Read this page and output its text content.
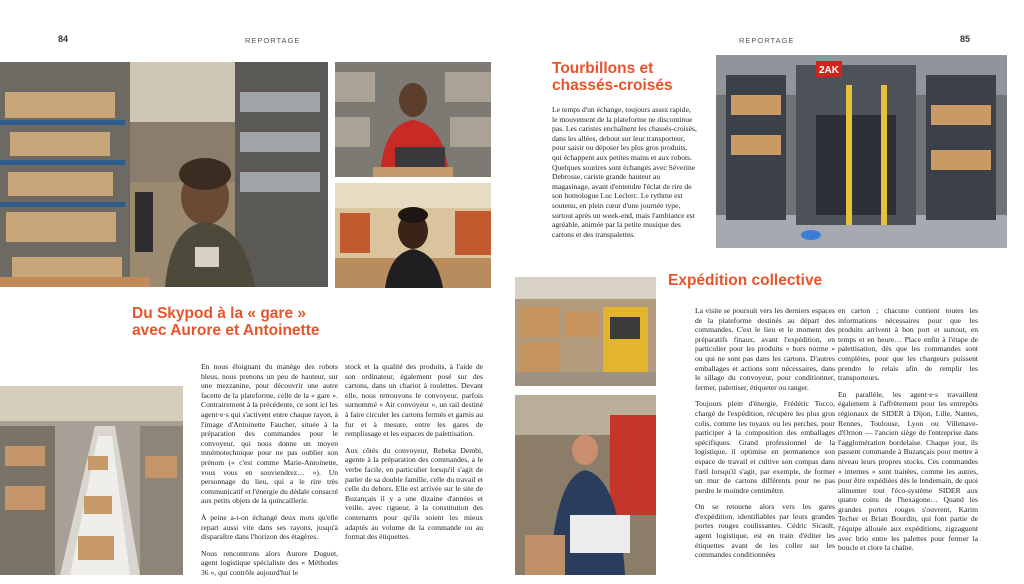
84	REPORTAGE
Du Skypod à la « gare » avec Aurore et Antoinette

En nous éloignant du manège des robots bleus, nous prenons un peu de hauteur, sur une mezzanine, pour découvrir une autre facette de la plateforme, celle de la « gare ». Contrairement à la précédente, ce sont ici les agent·e·s qui s'activent entre chaque rayon, à l'image d'Antoinette Faucher, située à la préparation des commandes pour le convoyeur, qui nous donne un moyen mnémotechnique pour ne pas oublier son prénom (« c'est comme Marie-Antoinette, vous vous en souviendrez… »). Un personnage du lieu, qui a le rire très communicatif et l'énergie du dédale consacré aux petits objets de la quincaillerie.

À peine a-t-on échangé deux mots qu'elle repart aussi vite dans ses rayons, jusqu'à disparaître dans l'horizon des étagères.

Nous rencontrons alors Aurore Duguet, agent logistique spécialiste des « Méthodes 36 », qui contrôle aujourd'hui le

stock et la qualité des produits, à l'aide de son ordinateur, également posé sur des cartons, dans un chariot à roulettes. Devant elle, nous retrouvons le convoyeur, parfois surnommé « Air convoyeur », un rail destiné à faire circuler les cartons fermés et garnis au fur et à mesure, entre les gares de remplissage et les espaces de palettisation.

Aux côtés du convoyeur, Rebeka Dembi, agente à la préparation des commandes, a le verbe facile, en particulier lorsqu'il s'agit de parler de sa double famille, celle du travail et celle du dehors. Elle est arrivée sur le site de Buzançais il y a une dizaine d'années et veille, avec rigueur, à la constitution des contenants pour qu'ils soient les mieux adaptés au volume de la commande ou au format des étiquettes.

REPORTAGE	85
Tourbillons et chassés-croisés
Le temps d'un échange, toujours assez rapide, le mouvement de la plateforme ne discontinue pas. Les caristes enchaînent les chassés-croisés, dans les allées, debout sur leur transporteur, pour saisir ou déposer les plus gros produits, qui échappent aux petites mains et aux robots. Quelques sourires sont échangés avec Séverine Debrosse, cariste grande hauteur au magasinage, avant d'entendre l'éclat de rire de son homologue Luc Leclerc. Le rythme est soutenu, en plein cœur d'une journée type, surtout après un week-end, mais l'ambiance est agréable, animée par la petite musique des cartons et des transpalettes.
2AK
Expédition collective

La visite se poursuit vers les derniers espaces de la plateforme destinés au départ des commandes. C'est le lieu et le moment des préparatifs finaux, avant l'expédition, en particulier pour les produits « hors norme » ou qui ne sont pas dans les cartons. D'autres emballages et actions sont nécessaires, dans le sillage du convoyeur, pour conditionner, fermer, palettiser, étiqueter ou ranger.

Toujours plein d'énergie, Frédéric Tocco, chargé de l'expédition, récupère les plus gros colis, comme les tuyaux ou les perches, pour participer à la composition des emballages spécifiques. Grand professionnel de la logistique, il optimise en permanence son espace de travail et cultive son compas dans l'œil lorsqu'il s'agit, par exemple, de former un mur de cartons différents pour ne pas perdre le moindre centimètre.

On se retourne alors vers les gares d'expédition, identifiables par leurs grandes portes rouges coulissantes. Cédric Sicault, agent logistique, est en train d'éditer les étiquettes avant de les coller sur les commandes conditionnées

en carton ; chacune contient toutes les informations nécessaires pour que les produits arrivent à bon port et surtout, en temps et en heure… Place enfin à l'étape de palettisation, dès que les commandes sont complètes, pour que les chargeurs puissent prendre le relais afin de remplir les transporteurs.

En parallèle, les agent·e·s travaillent également à l'affrètement pour les entrepôts régionaux de SIDER à Dijon, Lille, Nantes, Rennes, Toulouse, Lyon ou Villenave-d'Ornon — l'ancien siège de l'entreprise dans l'agglomération bordelaise. Chaque jour, ils passent commande à Buzançais pour mettre à niveau leurs propres stocks. Ces commandes « internes » sont traitées, comme les autres, pour être expédiées dès le lendemain, de quoi alimenter tout l'éco-système SIDER aux quatre coins de l'hexagone… Quand les grandes portes rouges s'ouvrent, Karim Techer et Brian Bourdin, qui font partie de l'équipe allouée aux expéditions, zigzaguent avec brio entre les palettes pour fermer la boucle et clore la chaîne.
